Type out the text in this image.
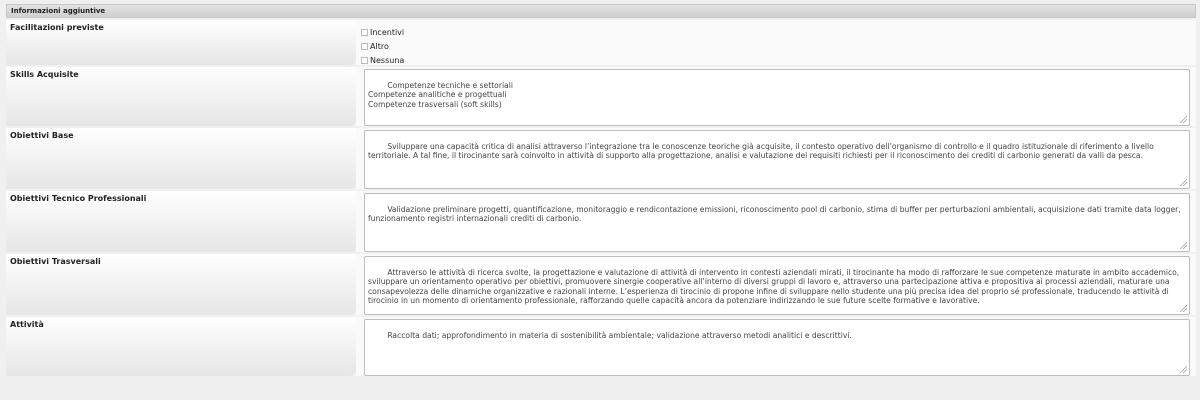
Informazioni aggiuntive
Facilitazioni previste	Incentivi
Altro
Nessuna
Skills Acquisite

Competenze tecniche e settoriali
Competenze analitiche e progettuali
Competenze trasversali (soft skills)

Obiettivi Base

Sviluppare una capacità critica di analisi attraverso l’integrazione tra le conoscenze teoriche già acquisite, il contesto operativo dell’organismo di controllo e il quadro istituzionale di riferimento a livello territoriale. A tal fine, il tirocinante sarà coinvolto in attività di supporto alla progettazione, analisi e valutazione dei requisiti richiesti per il riconoscimento dei crediti di carbonio generati da valli da pesca.

Obiettivi Tecnico Professionali

Validazione preliminare progetti, quantificazione, monitoraggio e rendicontazione emissioni, riconoscimento pool di carbonio, stima di buffer per perturbazioni ambientali, acquisizione dati tramite data logger, funzionamento registri internazionali crediti di carbonio.

Obiettivi Trasversali

Attraverso le attività di ricerca svolte, la progettazione e valutazione di attività di intervento in contesti aziendali mirati, il tirocinante ha modo di rafforzare le sue competenze maturate in ambito accademico, sviluppare un orientamento operativo per obiettivi, promuovere sinergie cooperative all’interno di diversi gruppi di lavoro e, attraverso una partecipazione attiva e propositiva ai processi aziendali, maturare una consapevolezza delle dinamiche organizzative e razionali interne. L’esperienza di tirocinio di propone infine di sviluppare nello studente una più precisa idea del proprio sé professionale, traducendo le attività di tirocinio in un momento di orientamento professionale, rafforzando quelle capacità ancora da potenziare indirizzando le sue future scelte formative e lavorative.

Attività

Raccolta dati; approfondimento in materia di sostenibilità ambientale; validazione attraverso metodi analitici e descrittivi.
